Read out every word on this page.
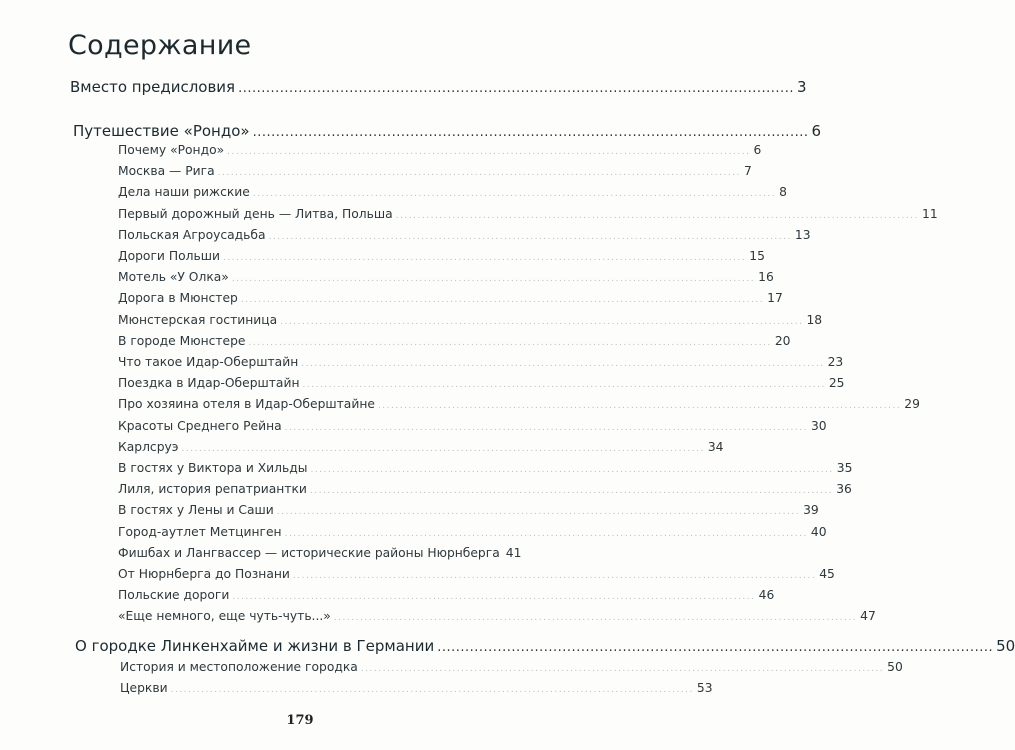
Содержание
Вместо предисловия ........................................................................................................................ 3
Путешествие «Рондо» ........................................................................................................................ 6
Почему «Рондо» ........................................................................................................................ 6
Москва — Рига ........................................................................................................................ 7
Дела наши рижские ........................................................................................................................ 8
Первый дорожный день — Литва, Польша ........................................................................................................................ 11
Польская Агроусадьба ........................................................................................................................ 13
Дороги Польши ........................................................................................................................ 15
Мотель «У Олка» ........................................................................................................................ 16
Дорога в Мюнстер ........................................................................................................................ 17
Мюнстерская гостиница ........................................................................................................................ 18
В городе Мюнстере ........................................................................................................................ 20
Что такое Идар-Оберштайн ........................................................................................................................ 23
Поездка в Идар-Оберштайн ........................................................................................................................ 25
Про хозяина отеля в Идар-Оберштайне ........................................................................................................................ 29
Красоты Среднего Рейна ........................................................................................................................ 30
Карлсруэ ........................................................................................................................ 34
В гостях у Виктора и Хильды ........................................................................................................................ 35
Лиля, история репатриантки ........................................................................................................................ 36
В гостях у Лены и Саши ........................................................................................................................ 39
Город-аутлет Метцинген ........................................................................................................................ 40
Фишбах и Лангвассер — исторические районы Нюрнберга 41
От Нюрнберга до Познани ........................................................................................................................ 45
Польские дороги ........................................................................................................................ 46
«Еще немного, еще чуть-чуть...» ........................................................................................................................ 47
О городке Линкенхайме и жизни в Германии ........................................................................................................................ 50
История и местоположение городка ........................................................................................................................ 50
Церкви ........................................................................................................................ 53
179
